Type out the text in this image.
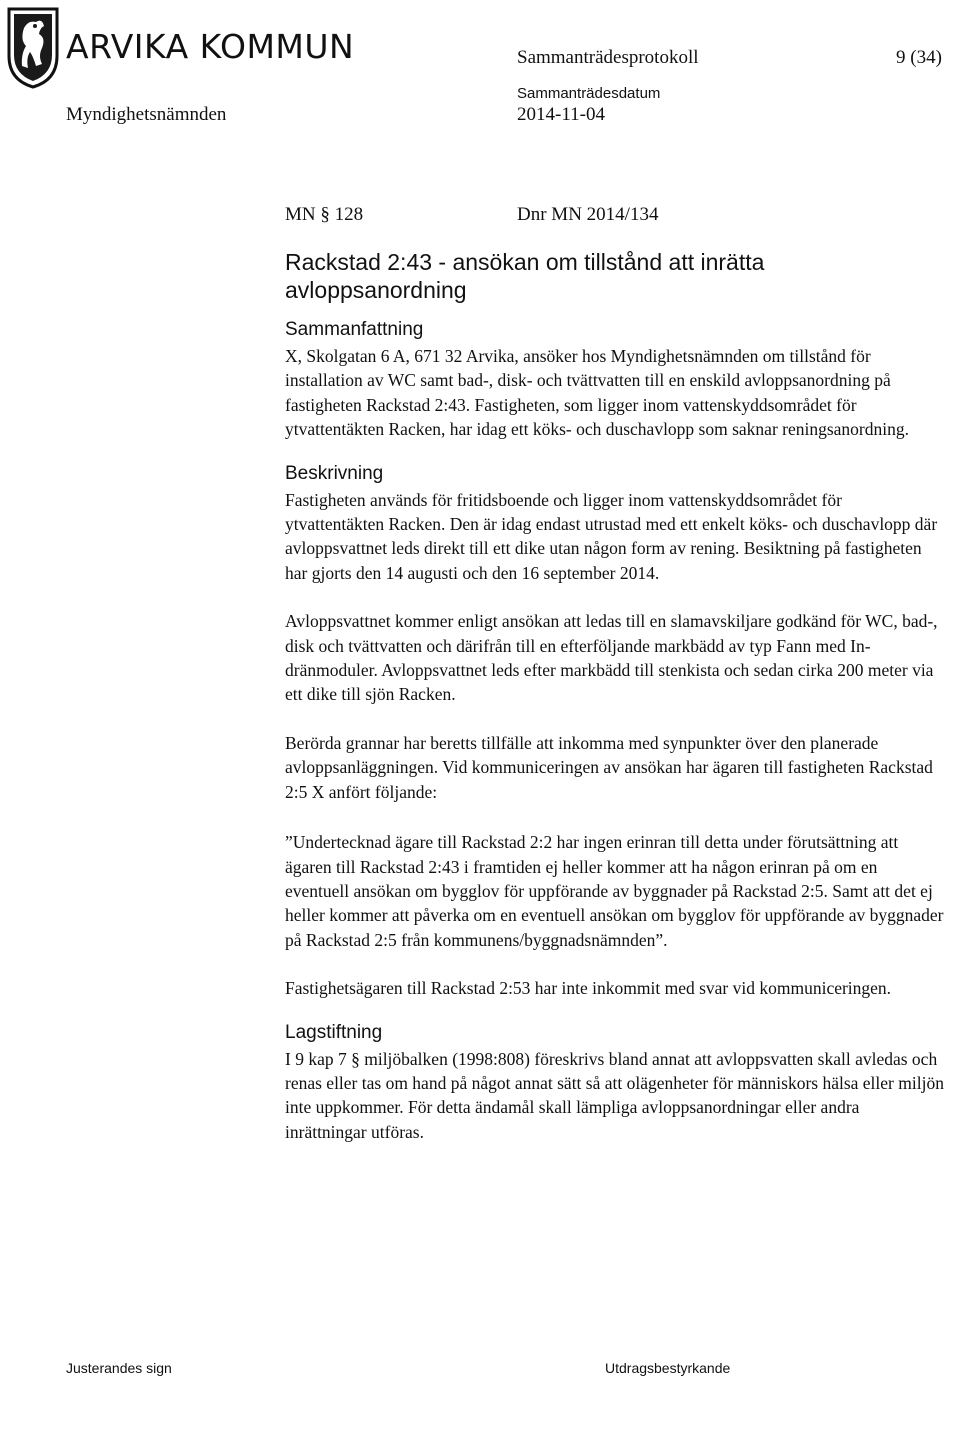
ARVIKA KOMMUN	Sammanträdesprotokoll	9 (34)
Sammanträdesdatum
Myndighetsnämnden	2014-11-04
MN § 128	Dnr MN 2014/134
Rackstad 2:43 - ansökan om tillstånd att inrätta avloppsanordning
Sammanfattning

X, Skolgatan 6 A, 671 32 Arvika, ansöker hos Myndighetsnämnden om tillstånd för installation av WC samt bad-, disk- och tvättvatten till en enskild avloppsanordning på fastigheten Rackstad 2:43. Fastigheten, som ligger inom vattenskyddsområdet för ytvattentäkten Racken, har idag ett köks- och duschavlopp som saknar reningsanordning.

Beskrivning

Fastigheten används för fritidsboende och ligger inom vattenskyddsområdet för ytvattentäkten Racken. Den är idag endast utrustad med ett enkelt köks- och duschavlopp där avloppsvattnet leds direkt till ett dike utan någon form av rening. Besiktning på fastigheten har gjorts den 14 augusti och den 16 september 2014.

Avloppsvattnet kommer enligt ansökan att ledas till en slamavskiljare godkänd för WC, bad-, disk och tvättvatten och därifrån till en efterföljande markbädd av typ Fann med In-dränmoduler. Avloppsvattnet leds efter markbädd till stenkista och sedan cirka 200 meter via ett dike till sjön Racken.

Berörda grannar har beretts tillfälle att inkomma med synpunkter över den planerade avloppsanläggningen. Vid kommuniceringen av ansökan har ägaren till fastigheten Rackstad 2:5 X anfört följande:

”Undertecknad ägare till Rackstad 2:2 har ingen erinran till detta under förutsättning att ägaren till Rackstad 2:43 i framtiden ej heller kommer att ha någon erinran på om en eventuell ansökan om bygglov för uppförande av byggnader på Rackstad 2:5. Samt att det ej heller kommer att påverka om en eventuell ansökan om bygglov för uppförande av byggnader på Rackstad 2:5 från kommunens/byggnadsnämnden”.

Fastighetsägaren till Rackstad 2:53 har inte inkommit med svar vid kommuniceringen.

Lagstiftning

I 9 kap 7 § miljöbalken (1998:808) föreskrivs bland annat att avloppsvatten skall avledas och renas eller tas om hand på något annat sätt så att olägenheter för människors hälsa eller miljön inte uppkommer. För detta ändamål skall lämpliga avloppsanordningar eller andra inrättningar utföras.

Justerandes sign	Utdragsbestyrkande
